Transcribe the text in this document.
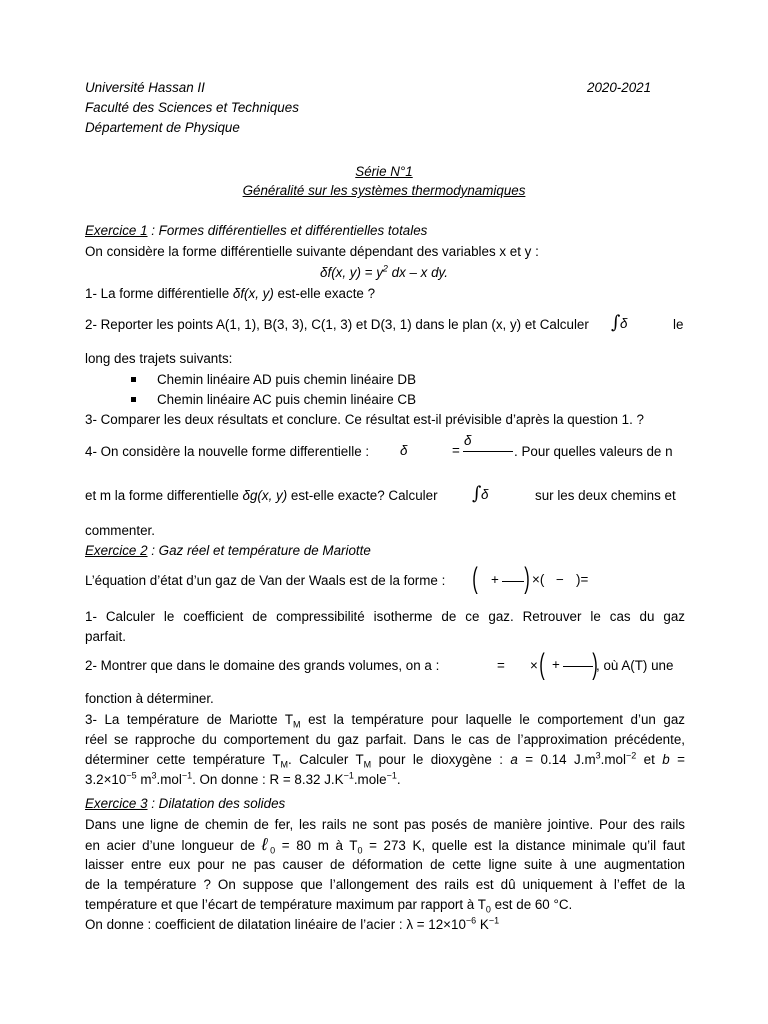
Université Hassan II	2020-2021
Faculté des Sciences et Techniques
Département de Physique
Série N°1
Généralité sur les systèmes thermodynamiques
Exercice 1 : Formes différentielles et différentielles totales
On considère la forme différentielle suivante dépendant des variables x et y :
δf(x, $y) = y^2$ dx – x dy.
1- La forme différentielle δf(x, y) est-elle exacte ?
2- Reporter les points A(1, 1), B(3, 3), C(1, 3) et D(3, 1) dans le plan (x, y) et Calculer ∫ δ	le
long des trajets suivants:
Chemin linéaire AD puis chemin linéaire DB
Chemin linéaire AC puis chemin linéaire CB
3- Comparer les deux résultats et conclure. Ce résultat est-il prévisible d’après la question 1. ?
4- On considère la nouvelle forme differentielle : δ	=
δ
. Pour quelles valeurs de n
et m la forme differentielle δg(x, y) est-elle exacte? Calculer ∫ δ	sur les deux chemins et
commenter.
Exercice 2 : Gaz réel et température de Mariotte
L’équation d’état d’un gaz de Van der Waals est de la forme : ( + ) ×( − )=
1- Calculer le coefficient de compressibilité isotherme de ce gaz. Retrouver le cas du gaz
parfait.
2- Montrer que dans le domaine des grands volumes, on a :	= × ( + )
, où A(T) une
fonction à déterminer.
3- La température de Mariotte $T_M$ est la température pour laquelle le comportement d’un gaz
réel se rapproche du comportement du gaz parfait. Dans le cas de l’approximation précédente,
déterminer cette température $T_M$. Calculer $T_M$ pour le dioxygène : a = 0.14 $J.m^3.mol^{-2}$ et b =
$3.2\times 10^{-5}$ $m^3.mol^{-1}$. On donne : R = 8.32 $J.K^{-1}.mole^{-1}$.
Exercice 3 : Dilatation des solides
Dans une ligne de chemin de fer, les rails ne sont pas posés de manière jointive. Pour des rails
en acier d’une longueur de ℓ$_0$ = 80 m à $T_0 = 273$ K, quelle est la distance minimale qu’il faut
laisser entre eux pour ne pas causer de déformation de cette ligne suite à une augmentation
de la température ? On suppose que l’allongement des rails est dû uniquement à l’effet de la
température et que l’écart de température maximum par rapport à $T_0$ est de 60 °C.
On donne : coefficient de dilatation linéaire de l’acier : $\lambda = 12\times 10^{-6}$ $K^{-1}$
